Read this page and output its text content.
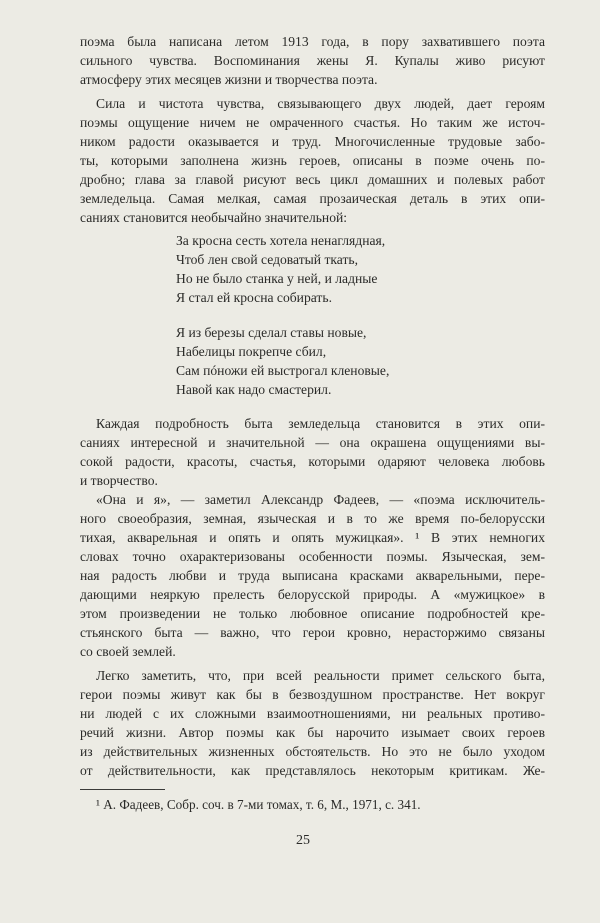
поэма была написана летом 1913 года, в пору захватившего поэта
сильного чувства. Воспоминания жены Я. Купалы живо рисуют
атмосферу этих месяцев жизни и творчества поэта.
Сила и чистота чувства, связывающего двух людей, дает героям
поэмы ощущение ничем не омраченного счастья. Но таким же источ-
ником радости оказывается и труд. Многочисленные трудовые забо-
ты, которыми заполнена жизнь героев, описаны в поэме очень по-
дробно; глава за главой рисуют весь цикл домашних и полевых работ
земледельца. Самая мелкая, самая прозаическая деталь в этих опи-
саниях становится необычайно значительной:
За кросна сесть хотела ненаглядная,
Чтоб лен свой седоватый ткать,
Но не было станка у ней, и ладные
Я стал ей кросна собирать.
Я из березы сделал ставы новые,
Набелицы покрепче сбил,
Сам пóножи ей выстрогал кленовые,
Навой как надо смастерил.
Каждая подробность быта земледельца становится в этих опи-
саниях интересной и значительной — она окрашена ощущениями вы-
сокой радости, красоты, счастья, которыми одаряют человека любовь
и творчество.
«Она и я», — заметил Александр Фадеев, — «поэма исключитель-
ного своеобразия, земная, языческая и в то же время по-белорусски
тихая, акварельная и опять и опять мужицкая». ¹ В этих немногих
словах точно охарактеризованы особенности поэмы. Языческая, зем-
ная радость любви и труда выписана красками акварельными, пере-
дающими неяркую прелесть белорусской природы. А «мужицкое» в
этом произведении не только любовное описание подробностей кре-
стьянского быта — важно, что герои кровно, нерасторжимо связаны
со своей землей.
Легко заметить, что, при всей реальности примет сельского быта,
герои поэмы живут как бы в безвоздушном пространстве. Нет вокруг
ни людей с их сложными взаимоотношениями, ни реальных противо-
речий жизни. Автор поэмы как бы нарочито изымает своих героев
из действительных жизненных обстоятельств. Но это не было уходом
¹ А. Фадеев, Собр. соч. в 7-ми томах, т. 6, М., 1971, с. 341.
25
от действительности, как представлялось некоторым критикам. Же-
